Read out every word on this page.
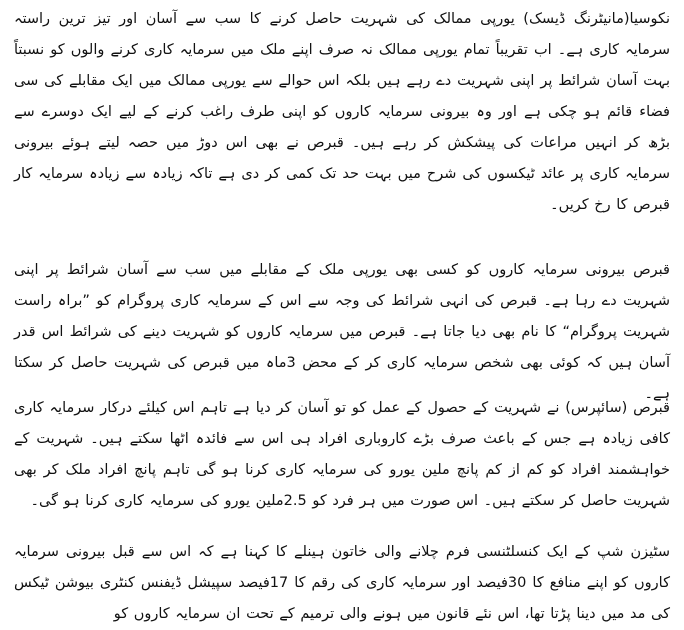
نکوسیا(مانیٹرنگ ڈیسک) یورپی ممالک کی شہریت حاصل کرنے کا سب سے آسان اور تیز ترین راستہ سرمایہ کاری ہے۔ اب تقریباً تمام یورپی ممالک نہ صرف اپنے ملک میں سرمایہ کاری کرنے والوں کو نسبتاً بہت آسان شرائط پر اپنی شہریت دے رہے ہیں بلکہ اس حوالے سے یورپی ممالک میں ایک مقابلے کی سی فضاء قائم ہو چکی ہے اور وہ بیرونی سرمایہ کاروں کو اپنی طرف راغب کرنے کے لیے ایک دوسرے سے بڑھ کر انہیں مراعات کی پیشکش کر رہے ہیں۔ قبرص نے بھی اس دوڑ میں حصہ لیتے ہوئے بیرونی سرمایہ کاری پر عائد ٹیکسوں کی شرح میں بہت حد تک کمی کر دی ہے تاکہ زیادہ سے زیادہ سرمایہ کار قبرص کا رخ کریں۔

قبرص بیرونی سرمایہ کاروں کو کسی بھی یورپی ملک کے مقابلے میں سب سے آسان شرائط پر اپنی شہریت دے رہا ہے۔ قبرص کی انہی شرائط کی وجہ سے اس کے سرمایہ کاری پروگرام کو ”براہ راست شہریت پروگرام“ کا نام بھی دیا جاتا ہے۔ قبرص میں سرمایہ کاروں کو شہریت دینے کی شرائط اس قدر آسان ہیں کہ کوئی بھی شخص سرمایہ کاری کر کے محض 3ماہ میں قبرص کی شہریت حاصل کر سکتا ہے۔

قبرص (سائپرس) نے شہریت کے حصول کے عمل کو تو آسان کر دیا ہے تاہم اس کیلئے درکار سرمایہ کاری کافی زیادہ ہے جس کے باعث صرف بڑے کاروباری افراد ہی اس سے فائدہ اٹھا سکتے ہیں۔ شہریت کے خواہشمند افراد کو کم از کم پانچ ملین یورو کی سرمایہ کاری کرنا ہو گی تاہم پانچ افراد ملک کر بھی شہریت حاصل کر سکتے ہیں۔ اس صورت میں ہر فرد کو 2.5ملین یورو کی سرمایہ کاری کرنا ہو گی۔

سٹیزن شپ کے ایک کنسلٹنسی فرم چلانے والی خاتون ہینلے کا کہنا ہے کہ اس سے قبل بیرونی سرمایہ کاروں کو اپنے منافع کا 30فیصد اور سرمایہ کاری کی رقم کا 17فیصد سپیشل ڈیفنس کنٹری بیوشن ٹیکس کی مد میں دینا پڑتا تھا، اس نئے قانون میں ہونے والی ترمیم کے تحت ان سرمایہ کاروں کو
